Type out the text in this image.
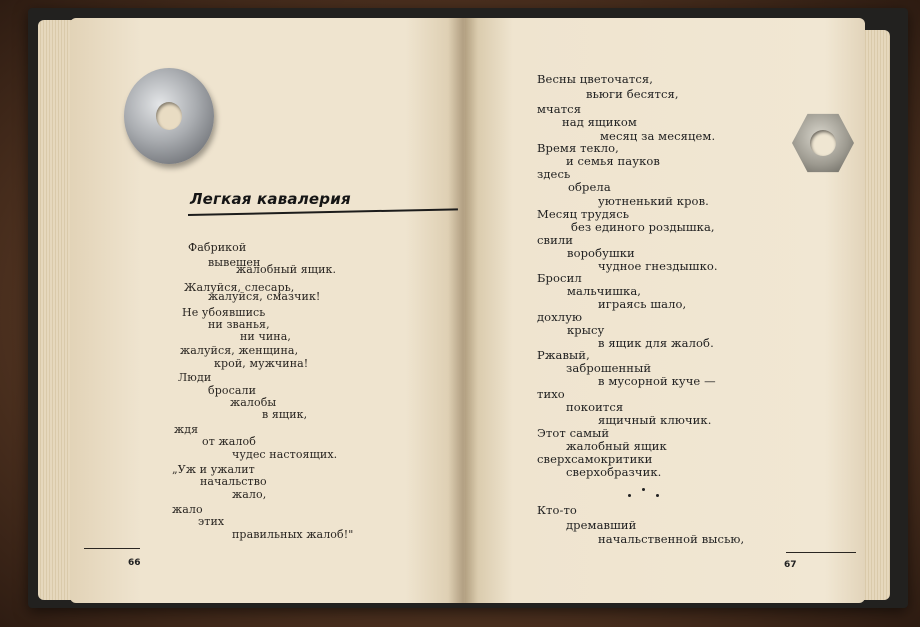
Легкая кавалерия
Фабрикой
вывешен
жалобный ящик.
Жалуйся, слесарь,
жалуйся, смазчик!
Не убоявшись
ни званья,
ни чина,
жалуйся, женщина,
крой, мужчина!
Люди
бросали
жалобы
в ящик,
ждя
от жалоб
чудес настоящих.
„Уж и ужалит
начальство
жало,
жало
этих
правильных жалоб!"
66
Весны цветочатся,
вьюги бесятся,
мчатся
над ящиком
месяц за месяцем.
Время текло,
и семья пауков
здесь
обрела
уютненький кров.
Месяц трудясь
без единого роздышка,
свили
воробушки
чудное гнездышко.
Бросил
мальчишка,
играясь шало,
дохлую
крысу
в ящик для жалоб.
Ржавый,
заброшенный
в мусорной куче —
тихо
покоится
ящичный ключик.
Этот самый
жалобный ящик
сверхсамокритики
сверхобразчик.
Кто-то
дремавший
начальственной высью,
67
